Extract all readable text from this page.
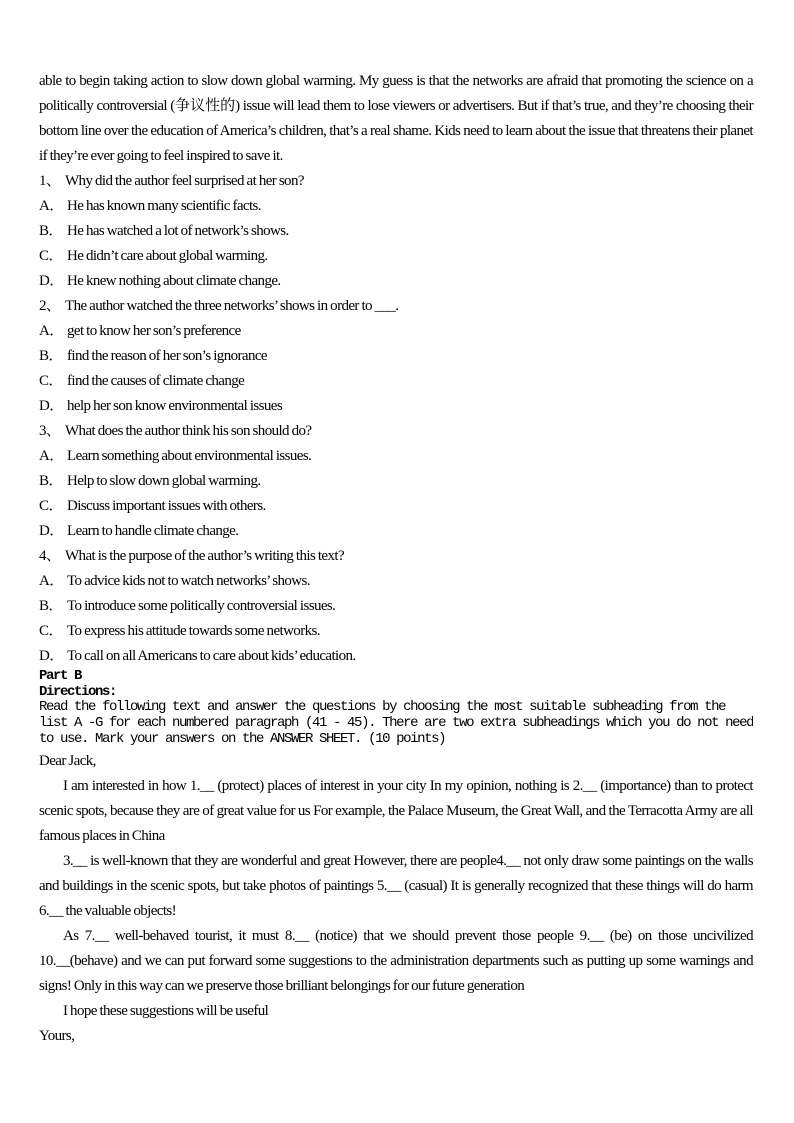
able to begin taking action to slow down global warming. My guess is that the networks are afraid that promoting the science on a politically controversial (争议性的) issue will lead them to lose viewers or advertisers. But if that’s true, and they’re choosing their bottom line over the education of America’s children, that’s a real shame. Kids need to learn about the issue that threatens their planet if they’re ever going to feel inspired to save it.

1、 Why did the author feel surprised at her son?
A． He has known many scientific facts.
B． He has watched a lot of network’s shows.
C． He didn’t care about global warming.
D． He knew nothing about climate change.
2、 The author watched the three networks’ shows in order to ___.
A． get to know her son’s preference
B． find the reason of her son’s ignorance
C． find the causes of climate change
D． help her son know environmental issues
3、 What does the author think his son should do?
A． Learn something about environmental issues.
B． Help to slow down global warming.
C． Discuss important issues with others.
D． Learn to handle climate change.
4、 What is the purpose of the author’s writing this text?
A． To advice kids not to watch networks’ shows.
B． To introduce some politically controversial issues.
C． To express his attitude towards some networks.
D． To call on all Americans to care about kids’ education.
Part B
Directions:
Read the following text and answer the questions by choosing the most suitable subheading from the
list A -G for each numbered paragraph (41 - 45). There are two extra subheadings which you do not need
to use. Mark your answers on the ANSWER SHEET. (10 points)
Dear Jack,

I am interested in how 1.__ (protect) places of interest in your city In my opinion, nothing is 2.__ (importance) than to protect scenic spots, because they are of great value for us For example, the Palace Museum, the Great Wall, and the Terracotta Army are all famous places in China

3.__ is well-known that they are wonderful and great However, there are people4.__ not only draw some paintings on the walls and buildings in the scenic spots, but take photos of paintings 5.__ (casual) It is generally recognized that these things will do harm 6.__ the valuable objects!

As 7.__ well-behaved tourist, it must 8.__ (notice) that we should prevent those people 9.__ (be) on those uncivilized 10.__(behave) and we can put forward some suggestions to the administration departments such as putting up some warnings and signs! Only in this way can we preserve those brilliant belongings for our future generation

I hope these suggestions will be useful
Yours,
